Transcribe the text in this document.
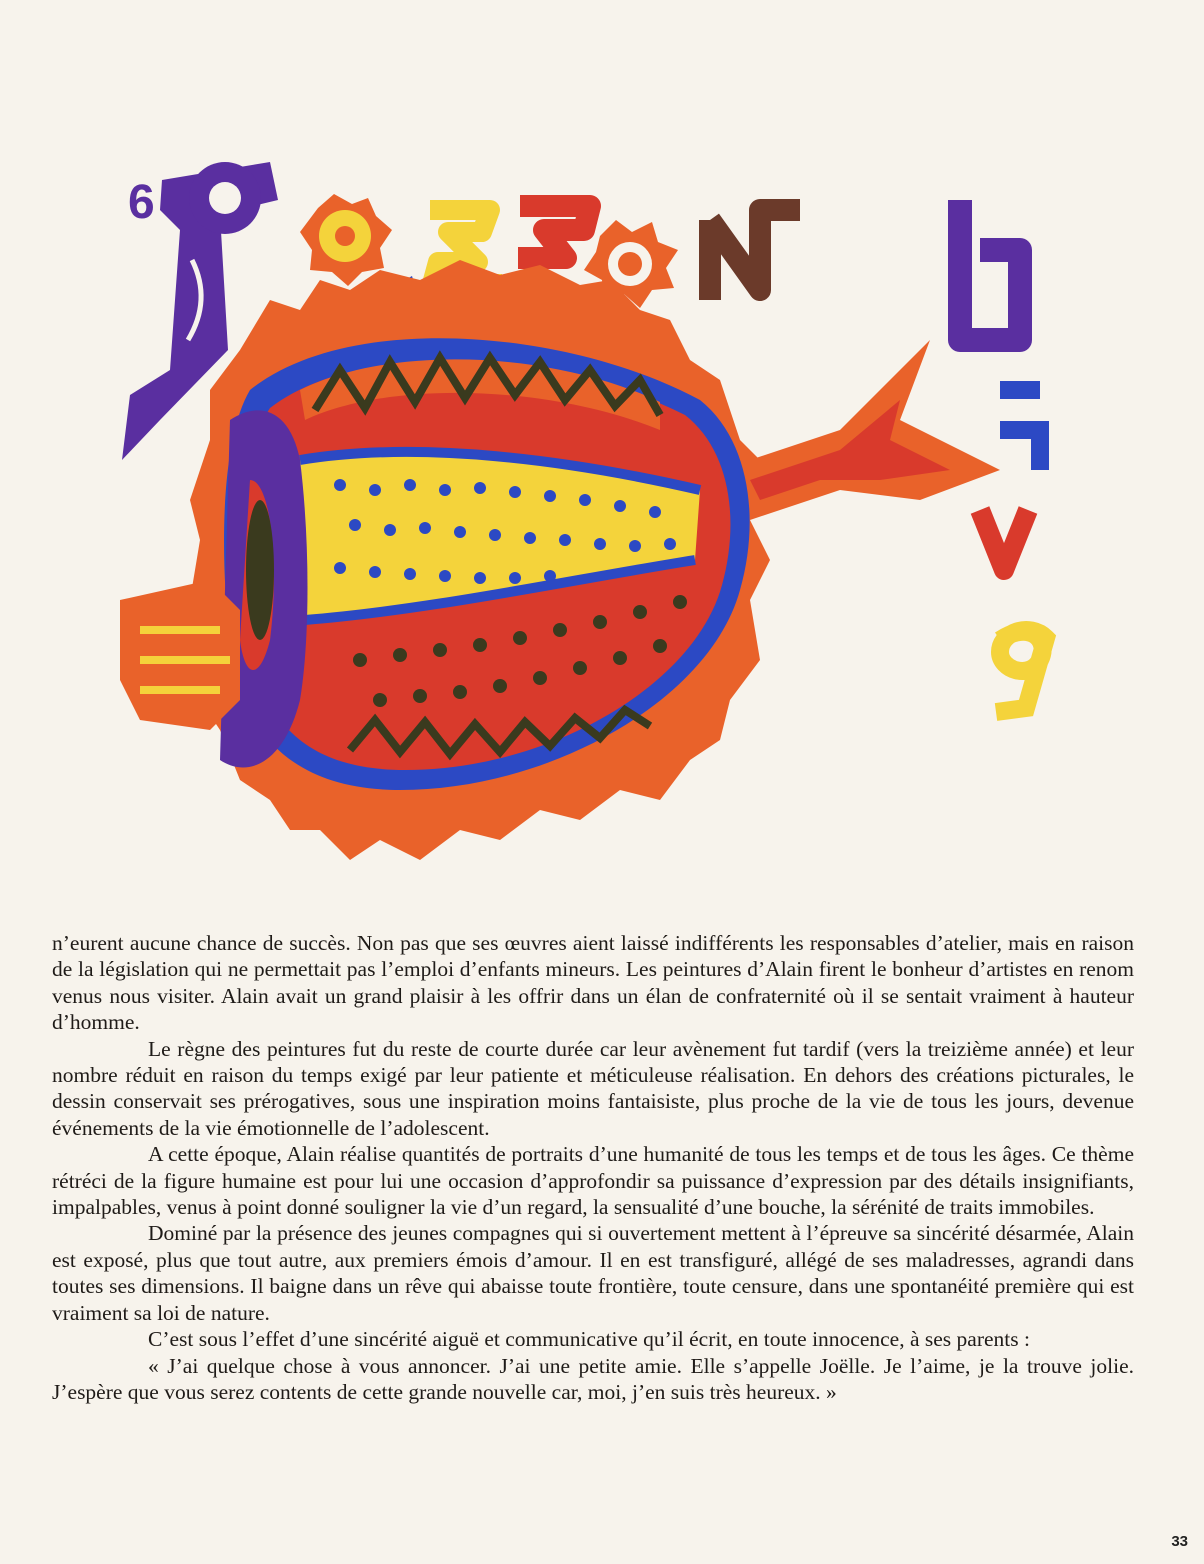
6

n’eurent aucune chance de succès. Non pas que ses œuvres aient laissé indifférents les responsables d’atelier, mais en raison de la législation qui ne permettait pas l’emploi d’enfants mineurs. Les peintures d’Alain firent le bonheur d’artistes en renom venus nous visiter. Alain avait un grand plaisir à les offrir dans un élan de confraternité où il se sentait vraiment à hauteur d’homme.

Le règne des peintures fut du reste de courte durée car leur avènement fut tardif (vers la treizième année) et leur nombre réduit en raison du temps exigé par leur patiente et méticuleuse réalisation. En dehors des créations picturales, le dessin conservait ses prérogatives, sous une inspiration moins fantaisiste, plus proche de la vie de tous les jours, devenue événements de la vie émotionnelle de l’adolescent.

A cette époque, Alain réalise quantités de portraits d’une humanité de tous les temps et de tous les âges. Ce thème rétréci de la figure humaine est pour lui une occasion d’approfondir sa puissance d’expression par des détails insignifiants, impalpables, venus à point donné souligner la vie d’un regard, la sensualité d’une bouche, la sérénité de traits immobiles.

Dominé par la présence des jeunes compagnes qui si ouvertement mettent à l’épreuve sa sincérité désarmée, Alain est exposé, plus que tout autre, aux premiers émois d’amour. Il en est transfiguré, allégé de ses maladresses, agrandi dans toutes ses dimensions. Il baigne dans un rêve qui abaisse toute frontière, toute censure, dans une spontanéité première qui est vraiment sa loi de nature.

C’est sous l’effet d’une sincérité aiguë et communicative qu’il écrit, en toute innocence, à ses parents :

« J’ai quelque chose à vous annoncer. J’ai une petite amie. Elle s’appelle Joëlle. Je l’aime, je la trouve jolie. J’espère que vous serez contents de cette grande nouvelle car, moi, j’en suis très heureux. »

33
